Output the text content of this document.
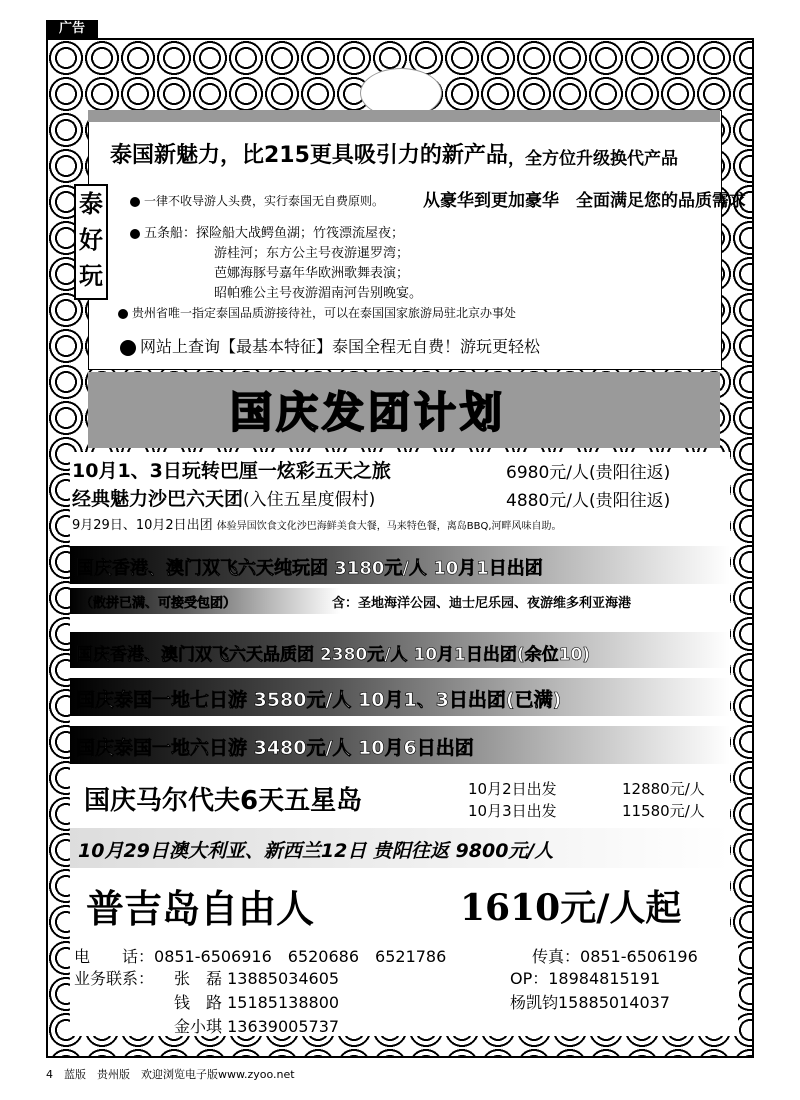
广告
泰国新魅力，比215更具吸引力的新产品 ，全方位升级换代产品
泰
好
玩
一律不收导游人头费，实行泰国无自费原则。 从豪华到更加豪华　全面满足您的品质需求
五条船：探险船大战鳄鱼湖；竹筏漂流屋夜；
游桂河；东方公主号夜游暹罗湾；
芭娜海豚号嘉年华欧洲歌舞表演；
昭帕雅公主号夜游湄南河告别晚宴。
贵州省唯一指定泰国品质游接待社，可以在泰国国家旅游局驻北京办事处
网站上查询【最基本特征】泰国全程无自费！游玩更轻松
国庆发团计划
10月1、3日玩转巴厘一炫彩五天之旅	6980元/人(贵阳往返)
经典魅力沙巴六天团(入住五星度假村)	4880元/人(贵阳往返)
9月29日、10月2日出团 体验异国饮食文化沙巴海鲜美食大餐，马来特色餐，离岛BBQ,河畔风味自助。
国庆香港、澳门双飞六天纯玩团 3180元/人 10月1日出团
（散拼已满、可接受包团）	含：圣地海洋公园、迪士尼乐园、夜游维多利亚海港
国庆香港、澳门双飞六天品质团 2380元/人 10月1日出团(余位10)
国庆泰国一地七日游 3580元/人 10月1、3日出团(已满)
国庆泰国一地六日游 3480元/人 10月6日出团
国庆马尔代夫6天五星岛	10月2日出发	12880元/人
10月3日出发	11580元/人
10月29日澳大利亚、新西兰12日 贵阳往返 9800元/人
普吉岛自由人	1610元/人起
电　　话：0851-6506916　6520686　6521786	传真：0851-6506196
业务联系： 张　磊 13885034605	OP：18984815191
钱　路 15185138800	杨凯钧15885014037
金小琪 13639005737
4　蓝版　贵州版　欢迎浏览电子版www.zyoo.net
